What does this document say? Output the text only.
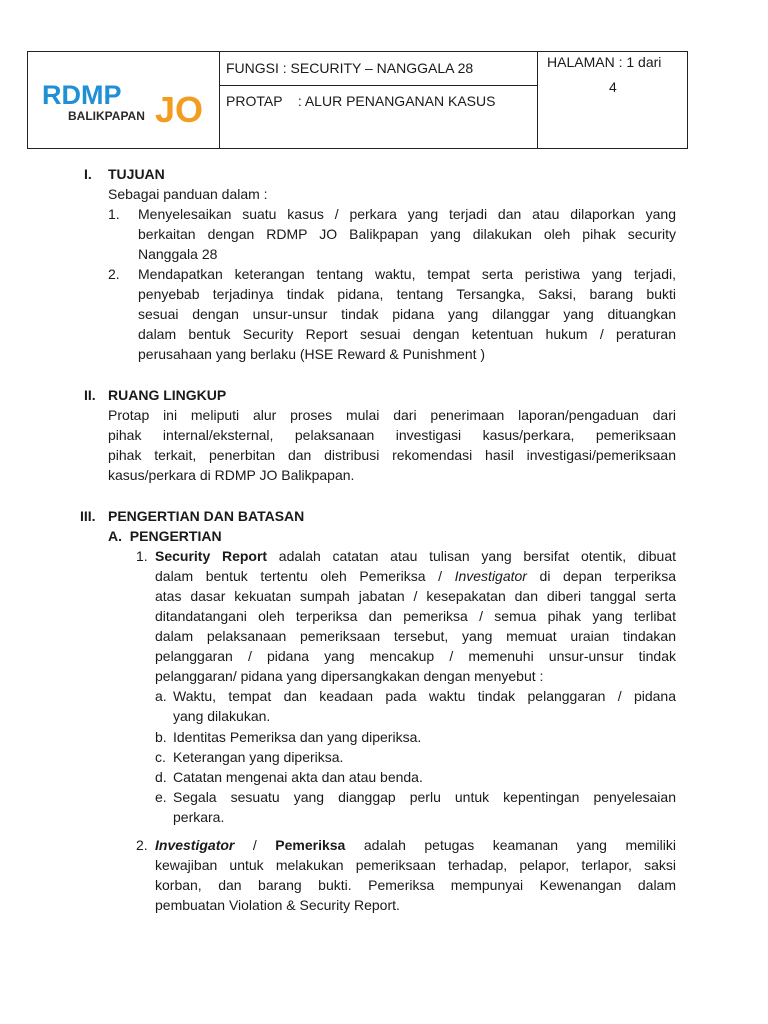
RDMP
BALIKPAPAN JO
FUNGSI : SECURITY – NANGGALA 28
PROTAP    : ALUR PENANGANAN KASUS
HALAMAN : 1 dari
4
I. TUJUAN
Sebagai panduan dalam :
1. Menyelesaikan suatu kasus / perkara yang terjadi dan atau dilaporkan yang
berkaitan dengan RDMP JO Balikpapan yang dilakukan oleh pihak security
Nanggala 28
2. Mendapatkan keterangan tentang waktu, tempat serta peristiwa yang terjadi,
penyebab terjadinya tindak pidana, tentang Tersangka, Saksi, barang bukti
sesuai dengan unsur-unsur tindak pidana yang dilanggar yang dituangkan
dalam bentuk Security Report sesuai dengan ketentuan hukum / peraturan
perusahaan yang berlaku (HSE Reward & Punishment )
II. RUANG LINGKUP
Protap ini meliputi alur proses mulai dari penerimaan laporan/pengaduan dari
pihak internal/eksternal, pelaksanaan investigasi kasus/perkara, pemeriksaan
pihak terkait, penerbitan dan distribusi rekomendasi hasil investigasi/pemeriksaan
kasus/perkara di RDMP JO Balikpapan.
III. PENGERTIAN DAN BATASAN
A.  PENGERTIAN
1. Security Report adalah catatan atau tulisan yang bersifat otentik, dibuat
dalam bentuk tertentu oleh Pemeriksa / Investigator di depan terperiksa
atas dasar kekuatan sumpah jabatan / kesepakatan dan diberi tanggal serta
ditandatangani oleh terperiksa dan pemeriksa / semua pihak yang terlibat
dalam pelaksanaan pemeriksaan tersebut, yang memuat uraian tindakan
pelanggaran / pidana yang mencakup / memenuhi unsur-unsur tindak
pelanggaran/ pidana yang dipersangkakan dengan menyebut :
a. Waktu, tempat dan keadaan pada waktu tindak pelanggaran / pidana
yang dilakukan.
b. Identitas Pemeriksa dan yang diperiksa.
c. Keterangan yang diperiksa.
d. Catatan mengenai akta dan atau benda.
e. Segala sesuatu yang dianggap perlu untuk kepentingan penyelesaian
perkara.
2. Investigator / Pemeriksa adalah petugas keamanan yang memiliki
kewajiban untuk melakukan pemeriksaan terhadap, pelapor, terlapor, saksi
korban, dan barang bukti. Pemeriksa mempunyai Kewenangan dalam
pembuatan Violation & Security Report.
